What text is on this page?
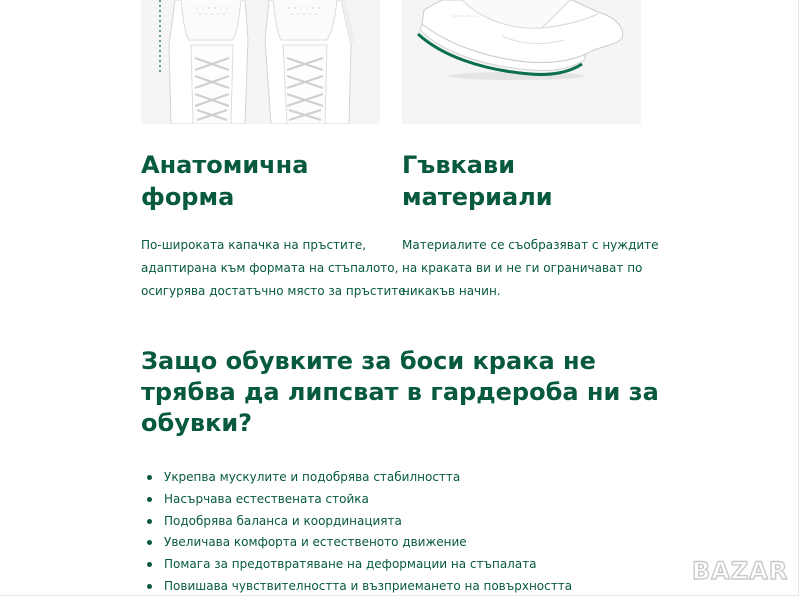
~~~~~~
Анатомична
форма

По-широката капачка на пръстите,
адаптирана към формата на стъпалото,
осигурява достатъчно място за пръстите.

Гъвкави
материали

Материалите се съобразяват с нуждите
на краката ви и не ги ограничават по
никакъв начин.

Защо обувките за боси крака не
трябва да липсват в гардероба ни за
обувки?
Укрепва мускулите и подобрява стабилността
Насърчава естествената стойка
Подобрява баланса и координацията
Увеличава комфорта и естественото движение
Помага за предотвратяване на деформации на стъпалата
Повишава чувствителността и възприемането на повърхността
BAZAR
